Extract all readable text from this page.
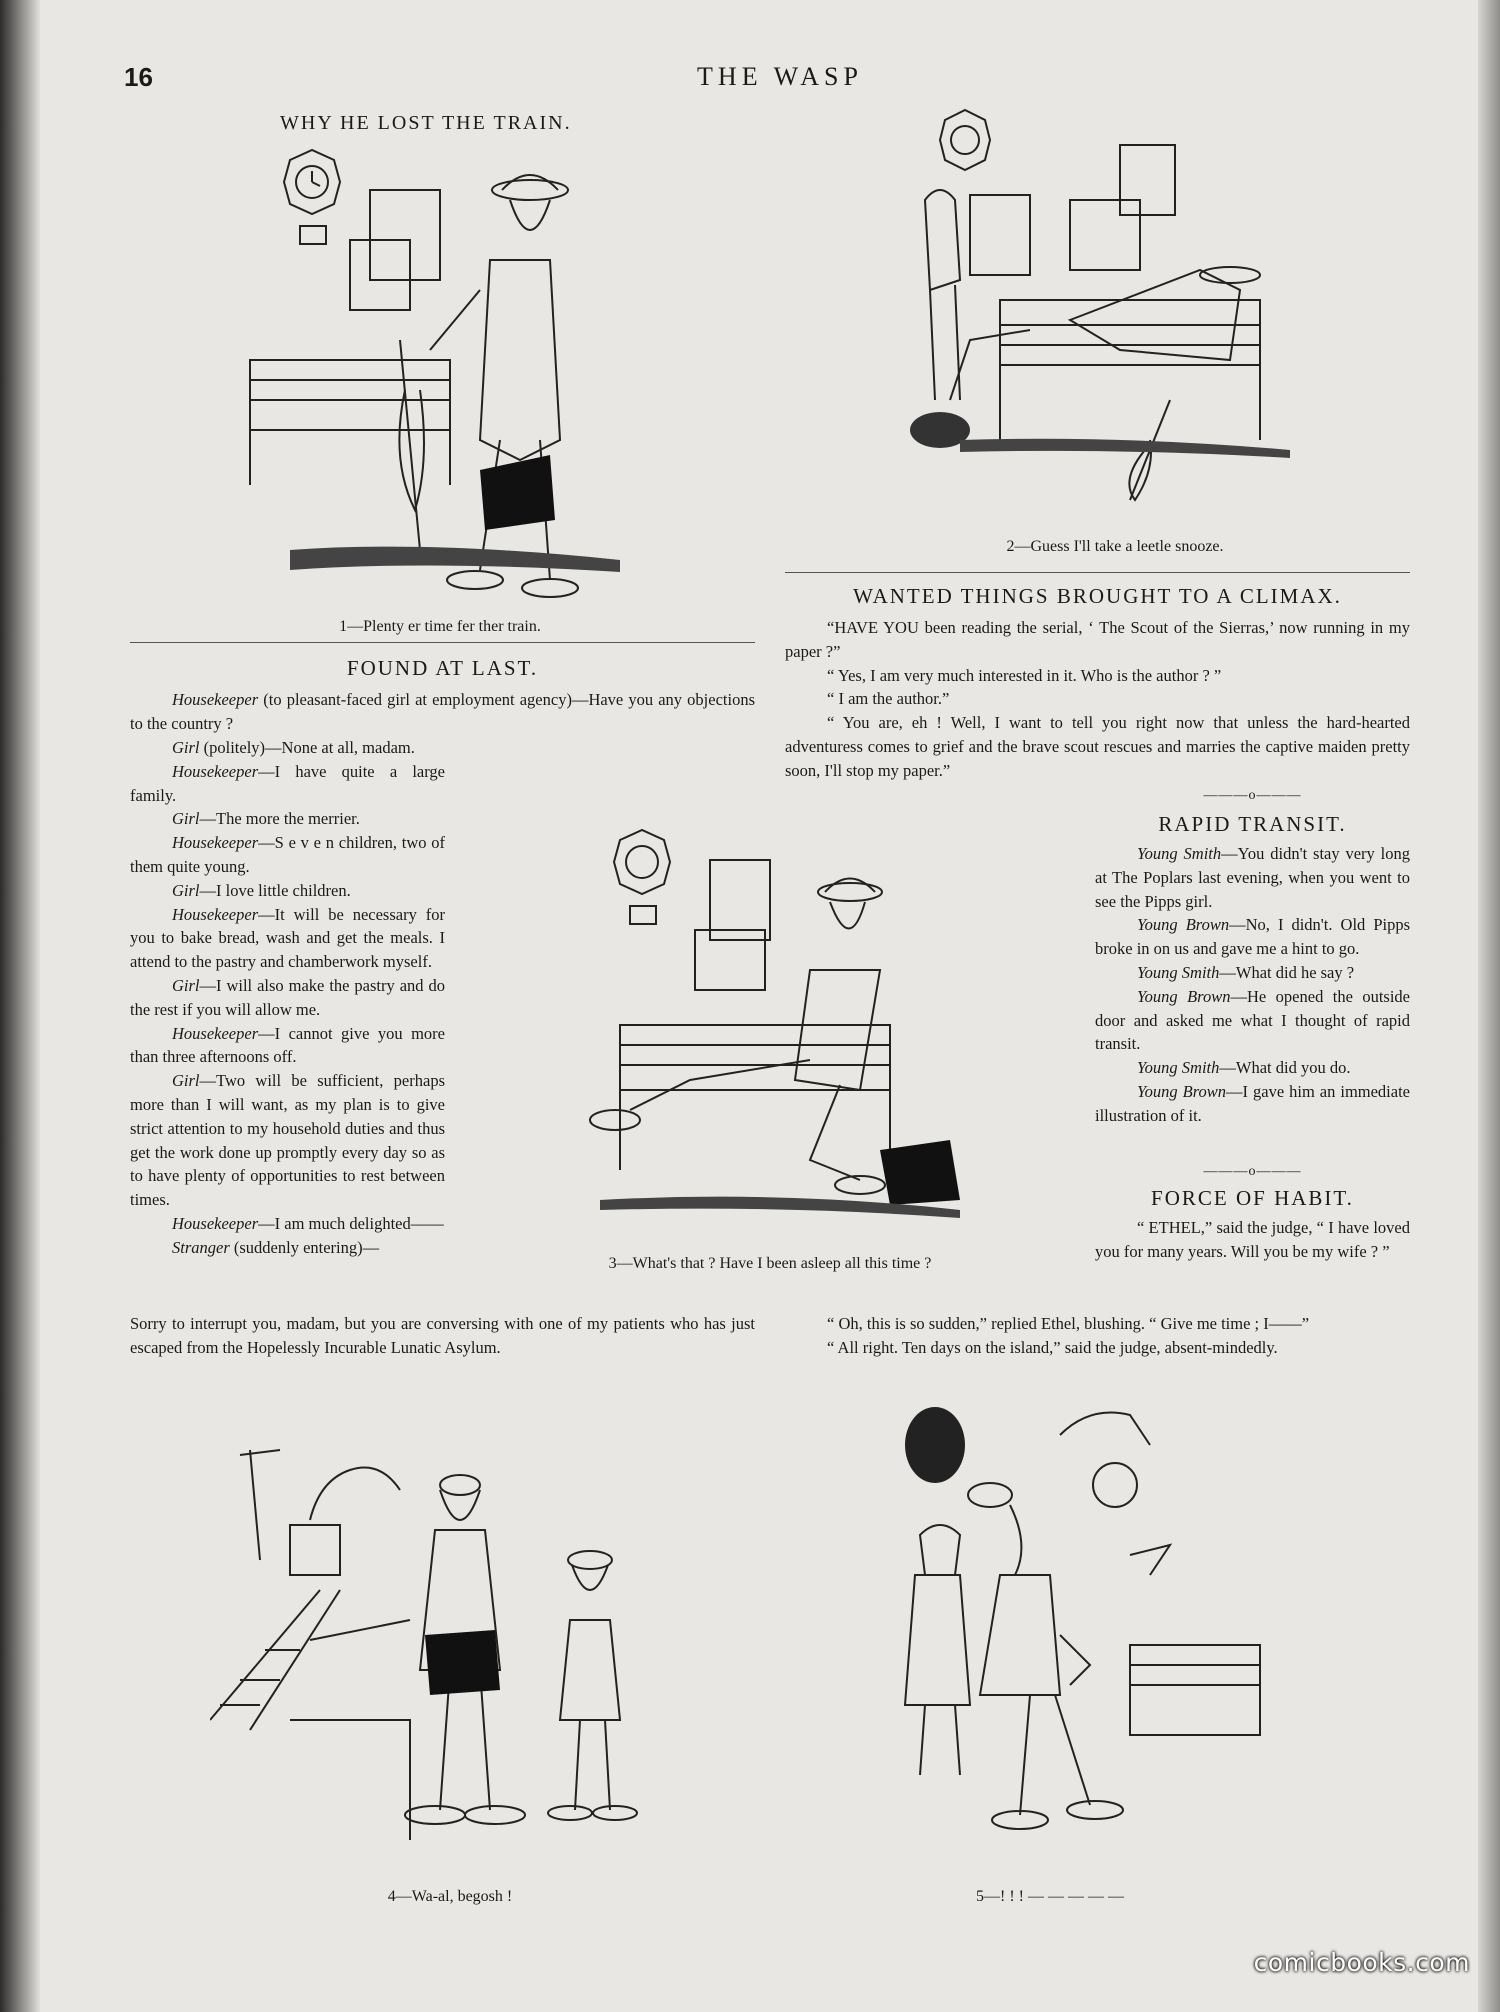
16	THE WASP
WHY HE LOST THE TRAIN.
1—Plenty er time fer ther train.
2—Guess I'll take a leetle snooze.
FOUND AT LAST.

Housekeeper (to pleasant-faced girl at employment agency)—Have you any objections to the country ?

Girl (politely)—None at all, madam.

Housekeeper—I have quite a large family.

Girl—The more the merrier.

Housekeeper—S e v e n children, two of them quite young.

Girl—I love little children.

Housekeeper—It will be necessary for you to bake bread, wash and get the meals. I attend to the pastry and chamberwork myself.

Girl—I will also make the pastry and do the rest if you will allow me.

Housekeeper—I cannot give you more than three afternoons off.

Girl—Two will be sufficient, perhaps more than I will want, as my plan is to give strict attention to my household duties and thus get the work done up promptly every day so as to have plenty of opportunities to rest between times.

Housekeeper—I am much delighted——

Stranger (suddenly entering)—

Sorry to interrupt you, madam, but you are conversing with one of my patients who has just escaped from the Hopelessly Incurable Lunatic Asylum.
3—What's that ? Have I been asleep all this time ?
WANTED THINGS BROUGHT TO A CLIMAX.

“HAVE YOU been reading the serial, ‘ The Scout of the Sierras,’ now running in my paper ?”

“ Yes, I am very much interested in it. Who is the author ? ”

“ I am the author.”

“ You are, eh ! Well, I want to tell you right now that unless the hard-hearted adventuress comes to grief and the brave scout rescues and marries the captive maiden pretty soon, I'll stop my paper.”

———o———
RAPID TRANSIT.

Young Smith—You didn't stay very long at The Poplars last evening, when you went to see the Pipps girl.

Young Brown—No, I didn't. Old Pipps broke in on us and gave me a hint to go.

Young Smith—What did he say ?

Young Brown—He opened the outside door and asked me what I thought of rapid transit.

Young Smith—What did you do.

Young Brown—I gave him an immediate illustration of it.

———o———
FORCE OF HABIT.

“ ETHEL,” said the judge, “ I have loved you for many years. Will you be my wife ? ”

“ Oh, this is so sudden,” replied Ethel, blushing. “ Give me time ; I——”

“ All right. Ten days on the island,” said the judge, absent-mindedly.

4—Wa-al, begosh !	5—! ! ! — — — — —
comicbooks.com
